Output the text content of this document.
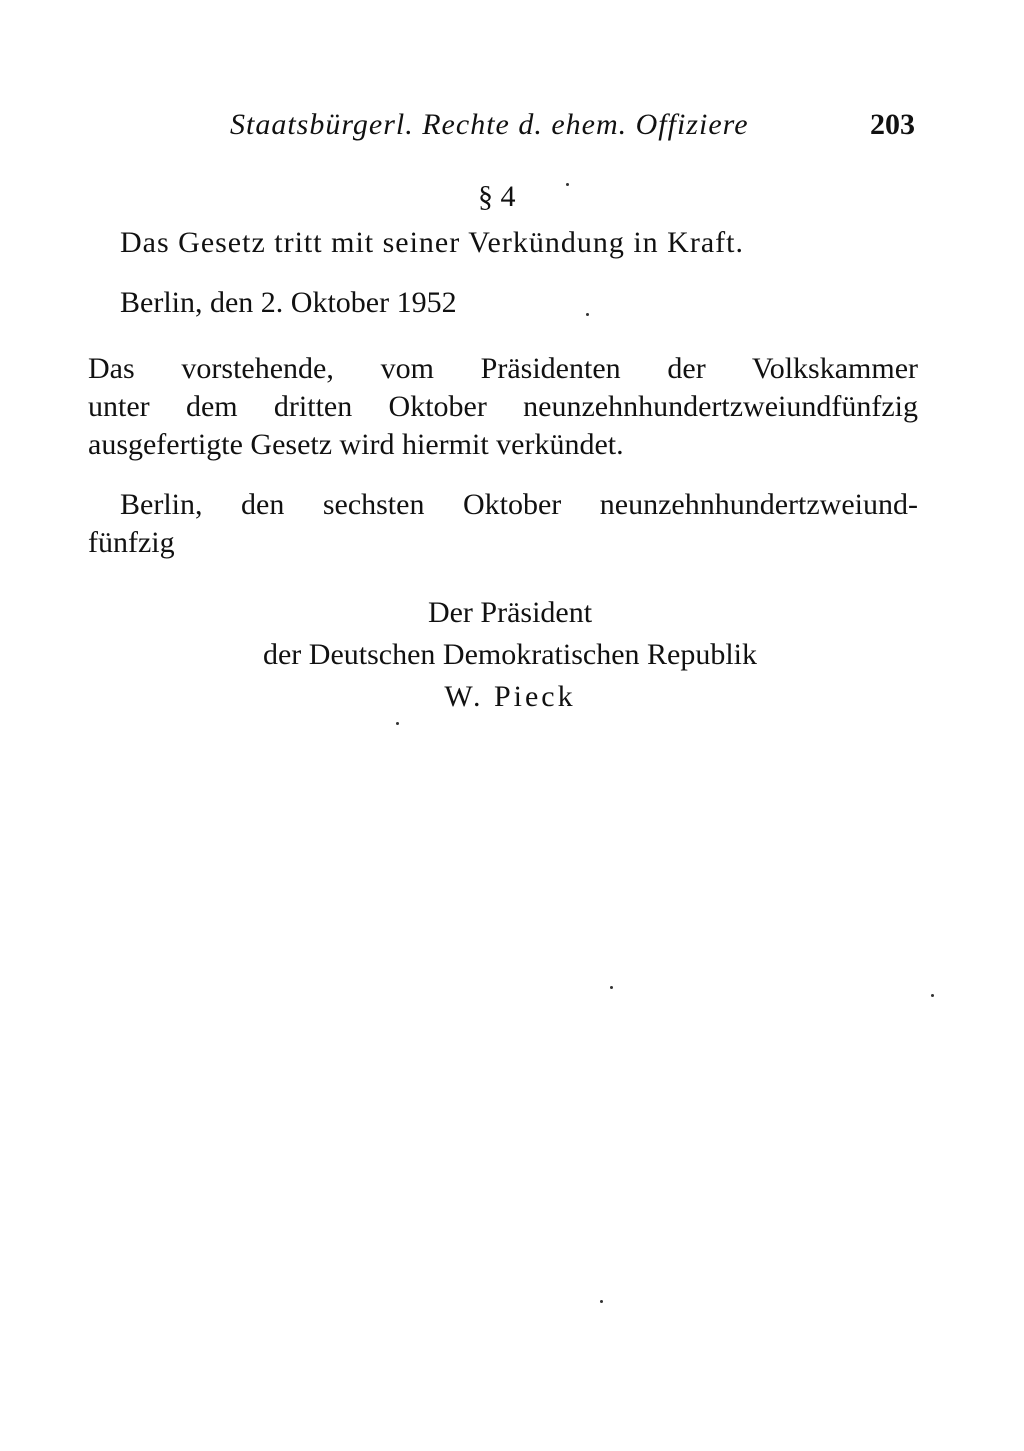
Staatsbürgerl. Rechte d. ehem. Offiziere	203
§ 4
Das Gesetz tritt mit seiner Verkündung in Kraft.
Berlin, den 2. Oktober 1952
Das vorstehende, vom Präsidenten der Volkskammer
unter dem dritten Oktober neunzehnhundertzweiundfünfzig
ausgefertigte Gesetz wird hiermit verkündet.
Berlin, den sechsten Oktober neunzehnhundertzweiund-
fünfzig
Der Präsident
der Deutschen Demokratischen Republik
W. Pieck
